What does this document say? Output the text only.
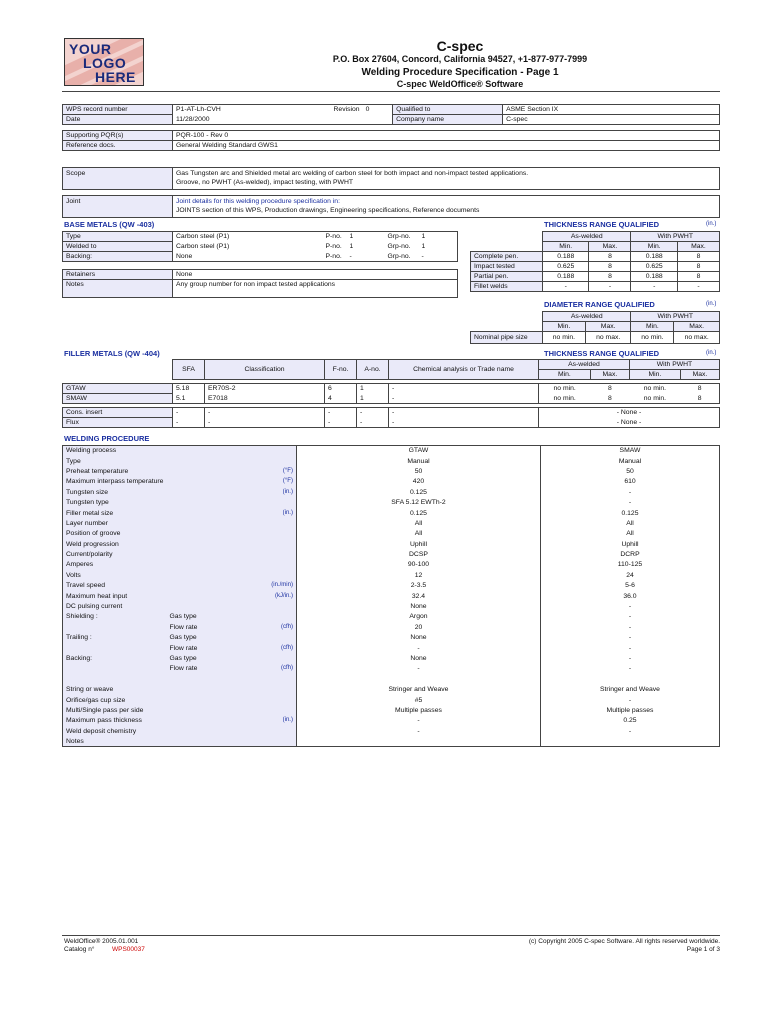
YOUR
LOGO
HERE
C-spec
P.O. Box 27604, Concord, California 94527, +1-877-977-7999
Welding Procedure Specification - Page 1
C-spec WeldOffice® Software
WPS record number	P1-AT-Lh-CVH	Revision	0	Qualified to	ASME Section IX
Date	11/28/2000			Company name	C-spec
Supporting PQR(s)	PQR-100 - Rev 0
Reference docs.	General Welding Standard GWS1
Scope	Gas Tungsten arc and Shielded metal arc welding of carbon steel for both impact and non-impact tested applications.
Groove, no PWHT (As-welded), impact testing, with PWHT
Joint	Joint details for this welding procedure specification in:
JOINTS section of this WPS, Production drawings, Engineering specifications, Reference documents
BASE METALS (QW -403)
Type	Carbon steel (P1)	P-no.	1	Grp-no.	1
Welded to	Carbon steel (P1)	P-no.	1	Grp-no.	1
Backing:	None	P-no.	-	Grp-no.	-
Retainers	None
Notes	Any group number for non impact tested applications
THICKNESS RANGE QUALIFIED	(in.)
	As-welded		With PWHT	
	Min.	Max.	Min.	Max.
Complete pen.	0.188	8	0.188	8
Impact tested	0.625	8	0.625	8
Partial pen.	0.188	8	0.188	8
Fillet welds	-	-	-	-
DIAMETER RANGE QUALIFIED	(in.)
	As-welded		With PWHT	
	Min.	Max.	Min.	Max.
Nominal pipe size	no min.	no max.	no min.	no max.
FILLER METALS (QW -404)	THICKNESS RANGE QUALIFIED	(in.)
	SFA	Classification	F-no.	A-no.	Chemical analysis or Trade name	As-welded		With PWHT	
						Min.	Max.	Min.	Max.

GTAW	5.18	ER70S-2	6	1	-	no min.	8	no min.	8
SMAW	5.1	E7018	4	1	-	no min.	8	no min.	8

Cons. insert	-	-	-	-	-	- None -			
Flux	-	-	-	-	-	- None -			
WELDING PROCEDURE
Welding process			GTAW	SMAW
Type			Manual	Manual
Preheat temperature		(°F)	50	50
Maximum interpass temperature		(°F)	420	610
Tungsten size		(in.)	0.125	-
Tungsten type			SFA 5.12 EWTh-2	-
Filler metal size		(in.)	0.125	0.125
Layer number			All	All
Position of groove			All	All
Weld progression			Uphill	Uphill
Current/polarity			DCSP	DCRP
Amperes			90-100	110-125
Volts			12	24
Travel speed		(in./min)	2-3.5	5-6
Maximum heat input		(kJ/in.)	32.4	36.0
DC pulsing current			None	-
Shielding :	Gas type		Argon	-
	Flow rate	(cfh)	20	-
Trailing :	Gas type		None	-
	Flow rate	(cfh)	-	-
Backing:	Gas type		None	-
	Flow rate	(cfh)	-	-

String or weave			Stringer and Weave	Stringer and Weave
Orifice/gas cup size			#5	-
Multi/Single pass per side			Multiple passes	Multiple passes
Maximum pass thickness		(in.)	-	0.25
Weld deposit chemistry			-	-
Notes				
WeldOffice® 2005.01.001
Catalog n°	WPS00037
(c) Copyright 2005 C-spec Software. All rights reserved worldwide.
Page 1 of 3
